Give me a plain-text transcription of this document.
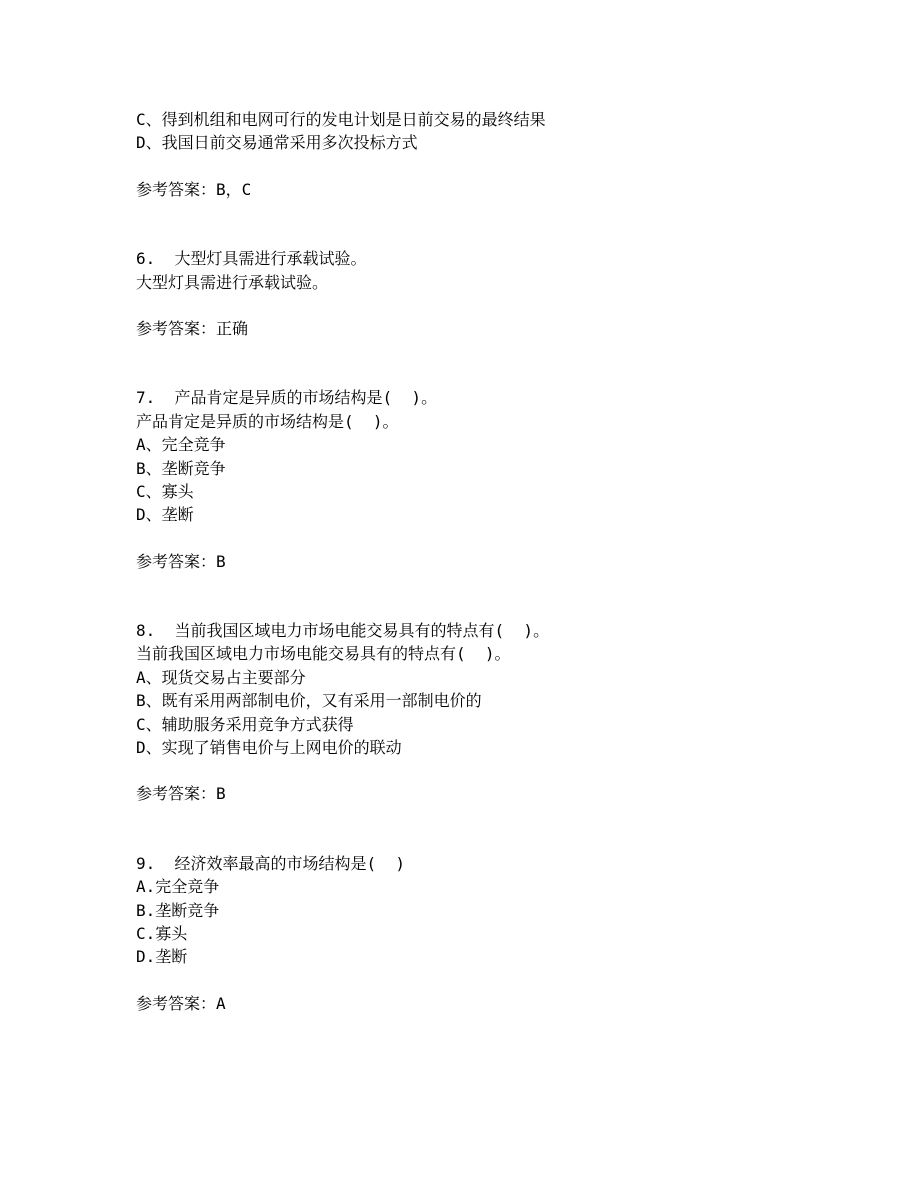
C、得到机组和电网可行的发电计划是日前交易的最终结果
D、我国日前交易通常采用多次投标方式
参考答案：B，C
6.  大型灯具需进行承载试验。
大型灯具需进行承载试验。
参考答案：正确
7.  产品肯定是异质的市场结构是(  )。
产品肯定是异质的市场结构是(  )。
A、完全竞争
B、垄断竞争
C、寡头
D、垄断
参考答案：B
8.  当前我国区域电力市场电能交易具有的特点有(  )。
当前我国区域电力市场电能交易具有的特点有(  )。
A、现货交易占主要部分
B、既有采用两部制电价，又有采用一部制电价的
C、辅助服务采用竞争方式获得
D、实现了销售电价与上网电价的联动
参考答案：B
9.  经济效率最高的市场结构是(  )
A.完全竞争
B.垄断竞争
C.寡头
D.垄断
参考答案：A
